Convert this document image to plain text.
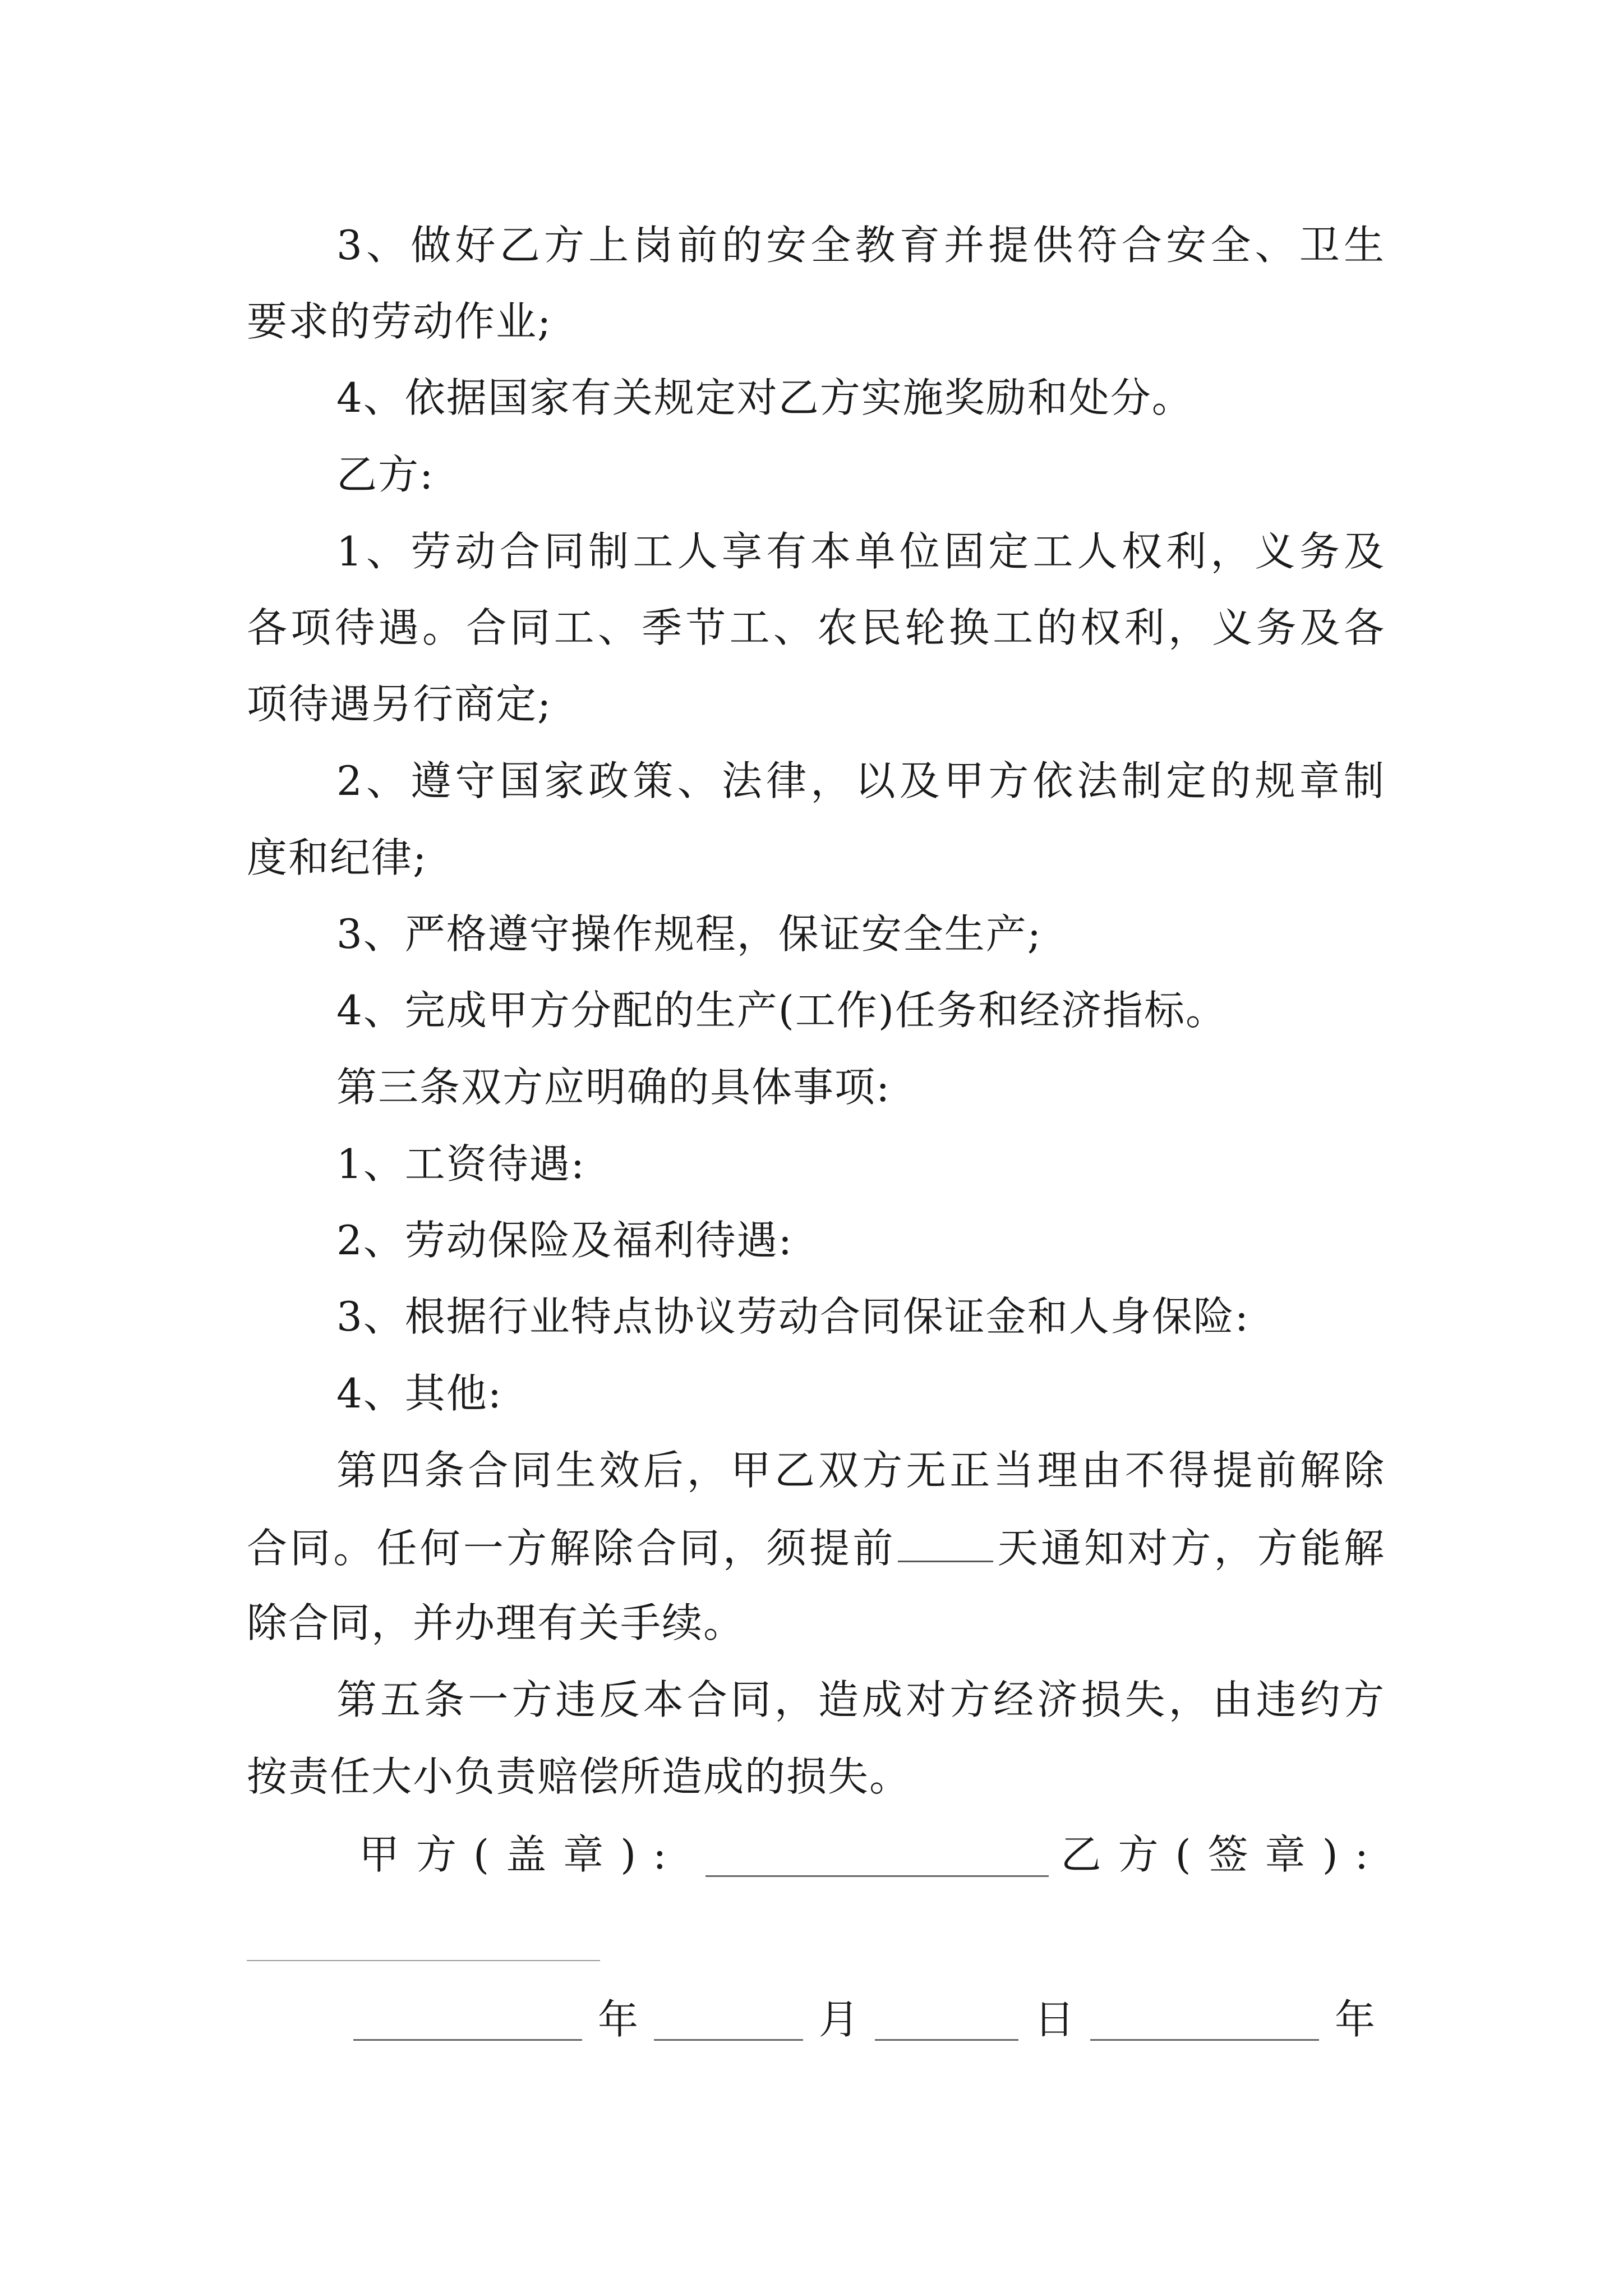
3、做好乙方上岗前的安全教育并提供符合安全、卫生
要求的劳动作业;
4、依据国家有关规定对乙方实施奖励和处分。
乙方:
1、劳动合同制工人享有本单位固定工人权利，义务及
各项待遇。合同工、季节工、农民轮换工的权利，义务及各
项待遇另行商定;
2、遵守国家政策、法律，以及甲方依法制定的规章制
度和纪律;
3、严格遵守操作规程，保证安全生产;
4、完成甲方分配的生产(工作)任务和经济指标。
第三条双方应明确的具体事项:
1、工资待遇:
2、劳动保险及福利待遇:
3、根据行业特点协议劳动合同保证金和人身保险:
4、其他:
第四条合同生效后，甲乙双方无正当理由不得提前解除
合同。任何一方解除合同，须提前 天通知对方，方能解
除合同，并办理有关手续。
第五条一方违反本合同，造成对方经济损失，由违约方
按责任大小负责赔偿所造成的损失。
甲方(盖章):	乙方(签章):
年	月	日	年
